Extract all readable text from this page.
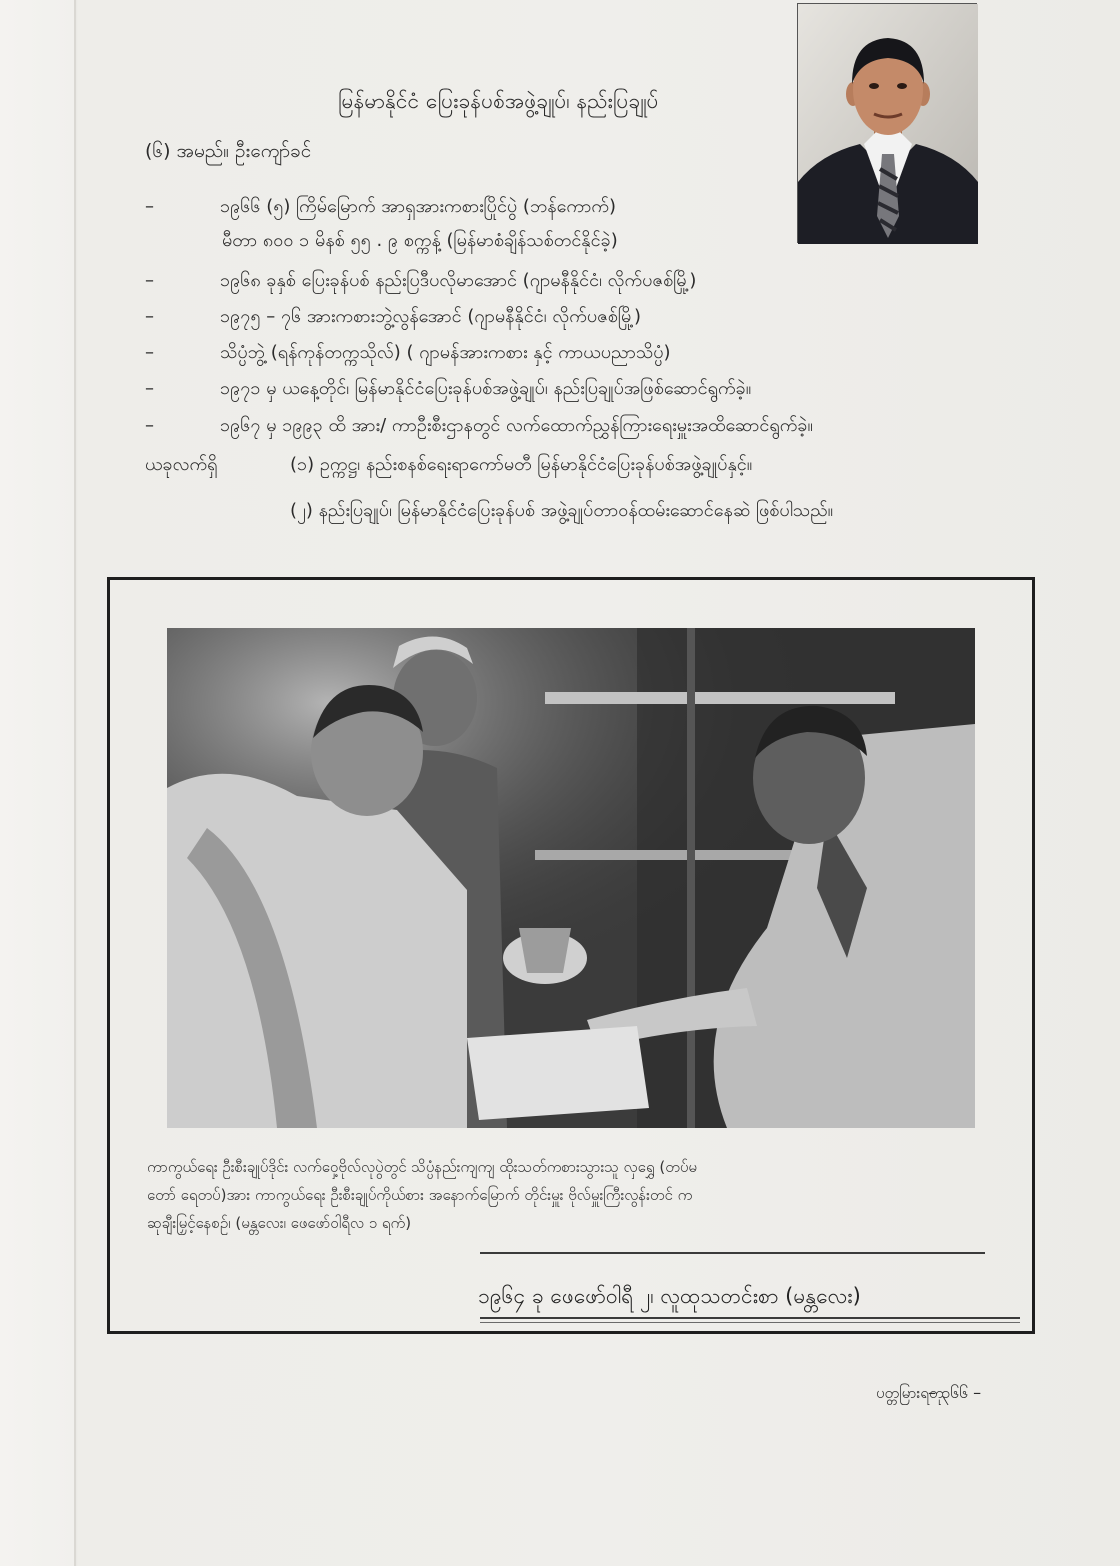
မြန်မာနိုင်ငံ ပြေးခုန်ပစ်အဖွဲ့ချုပ်၊ နည်းပြချုပ်
(၆) အမည်။ ဦးကျော်ခင်
–	၁၉၆၆ (၅) ကြိမ်မြောက် အာရှအားကစားပြိုင်ပွဲ (ဘန်ကောက်)
မီတာ ၈၀၀ ၁ မိနစ် ၅၅ . ၉ စက္ကန့် (မြန်မာစံချိန်သစ်တင်နိုင်ခဲ့)
–	၁၉၆၈ ခုနှစ် ပြေးခုန်ပစ် နည်းပြဒီပလိုမာအောင် (ဂျာမနီနိုင်ငံ၊ လိုက်ပဇစ်မြို့)
–	၁၉၇၅ – ၇၆ အားကစားဘွဲ့လွန်အောင် (ဂျာမနီနိုင်ငံ၊ လိုက်ပဇစ်မြို့)
–	သိပ္ပံဘွဲ့ (ရန်ကုန်တက္ကသိုလ်) ( ဂျာမန်အားကစား နှင့် ကာယပညာသိပ္ပံ)
–	၁၉၇၁ မှ ယနေ့တိုင်၊ မြန်မာနိုင်ငံပြေးခုန်ပစ်အဖွဲ့ချုပ်၊ နည်းပြချုပ်အဖြစ်ဆောင်ရွက်ခဲ့။
–	၁၉၆၇ မှ ၁၉၉၃ ထိ အား/ ကာဦးစီးဌာနတွင် လက်ထောက်ညွှန်ကြားရေးမှူးအထိဆောင်ရွက်ခဲ့။
ယခုလက်ရှိ	(၁) ဥက္ကဋ္ဌ၊ နည်းစနစ်ရေးရာကော်မတီ မြန်မာနိုင်ငံပြေးခုန်ပစ်အဖွဲ့ချုပ်နှင့်။
(၂) နည်းပြချုပ်၊ မြန်မာနိုင်ငံပြေးခုန်ပစ် အဖွဲ့ချုပ်တာဝန်ထမ်းဆောင်နေဆဲ ဖြစ်ပါသည်။
ကာကွယ်ရေး ဦးစီးချုပ်ဒိုင်း လက်ဝှေ့ဗိုလ်လုပွဲတွင် သိပ္ပံနည်းကျကျ ထိုးသတ်ကစားသွားသူ လှရွှေ (တပ်မ
တော် ရေတပ်)အား ကာကွယ်ရေး ဦးစီးချုပ်ကိုယ်စား အနောက်မြောက် တိုင်းမှူး ဗိုလ်မှူးကြီးလွန်းတင် က
ဆုချီးမြှင့်နေစဉ်၊ (မန္တလေး၊ ဖေဖော်ဝါရီလ ၁ ရက်)
၁၉၆၄ ခု ဖေဖော်ဝါရီ ၂၊ လူထုသတင်းစာ (မန္တလေး)
ပတ္တမြားရတု
– ၃၆၆ –
